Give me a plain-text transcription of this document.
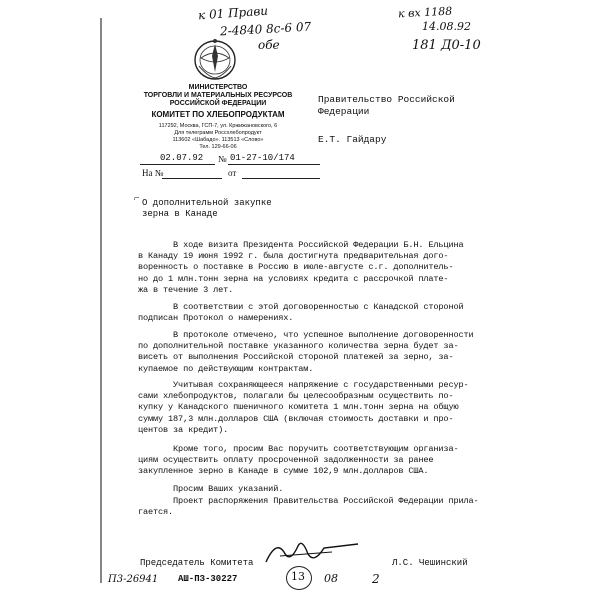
к 01 Прави
2-4840 8с-6 07
обе
к вх 1188
14.08.92
181 Д0-10
МИНИСТЕРСТВО
ТОРГОВЛИ И МАТЕРИАЛЬНЫХ РЕСУРСОВ
РОССИЙСКОЙ ФЕДЕРАЦИИ
КОМИТЕТ ПО ХЛЕБОПРОДУКТАМ
117292, Москва, ГСП-7, ул. Кржижановского, 6
Для телеграмм Россхлебопродукт
113602 «Шабадо». 113513 «Слово»
Тел. 129-66-06
02.07.92 № 01-27-10/174
На №	от
Правительство Российской
Федерации
Е.Т. Гайдару
⌐ О дополнительной закупке
зерна в Канаде
В ходе визита Президента Российской Федерации Б.Н. Ельцина
в Канаду 19 июня 1992 г. была достигнута предварительная дого-
воренность о поставке в Россию в июле-августе с.г. дополнитель-
но до 1 млн.тонн зерна на условиях кредита с рассрочкой плате-
жа в течение 3 лет.
В соответствии с этой договоренностью с Канадской стороной
подписан Протокол о намерениях.
В протоколе отмечено, что успешное выполнение договоренности
по дополнительной поставке указанного количества зерна будет за-
висеть от выполнения Российской стороной платежей за зерно, за-
купаемое по действующим контрактам.
Учитывая сохраняющееся напряжение с государственными ресур-
сами хлебопродуктов, полагали бы целесообразным осуществить по-
купку у Канадского пшеничного комитета 1 млн.тонн зерна на общую
сумму 187,3 млн.долларов США (включая стоимость доставки и про-
центов за кредит).
Кроме того, просим Вас поручить соответствующим организа-
циям осуществить оплату просроченной задолженности за ранее
закупленное зерно в Канаде в сумме 102,9 млн.долларов США.
Просим Ваших указаний.
Проект распоряжения Правительства Российской Федерации прила-
гается.
Председатель Комитета	Л.С. Чешинский
П3-26941 АШ-ПЗ-30227	13 08	2
